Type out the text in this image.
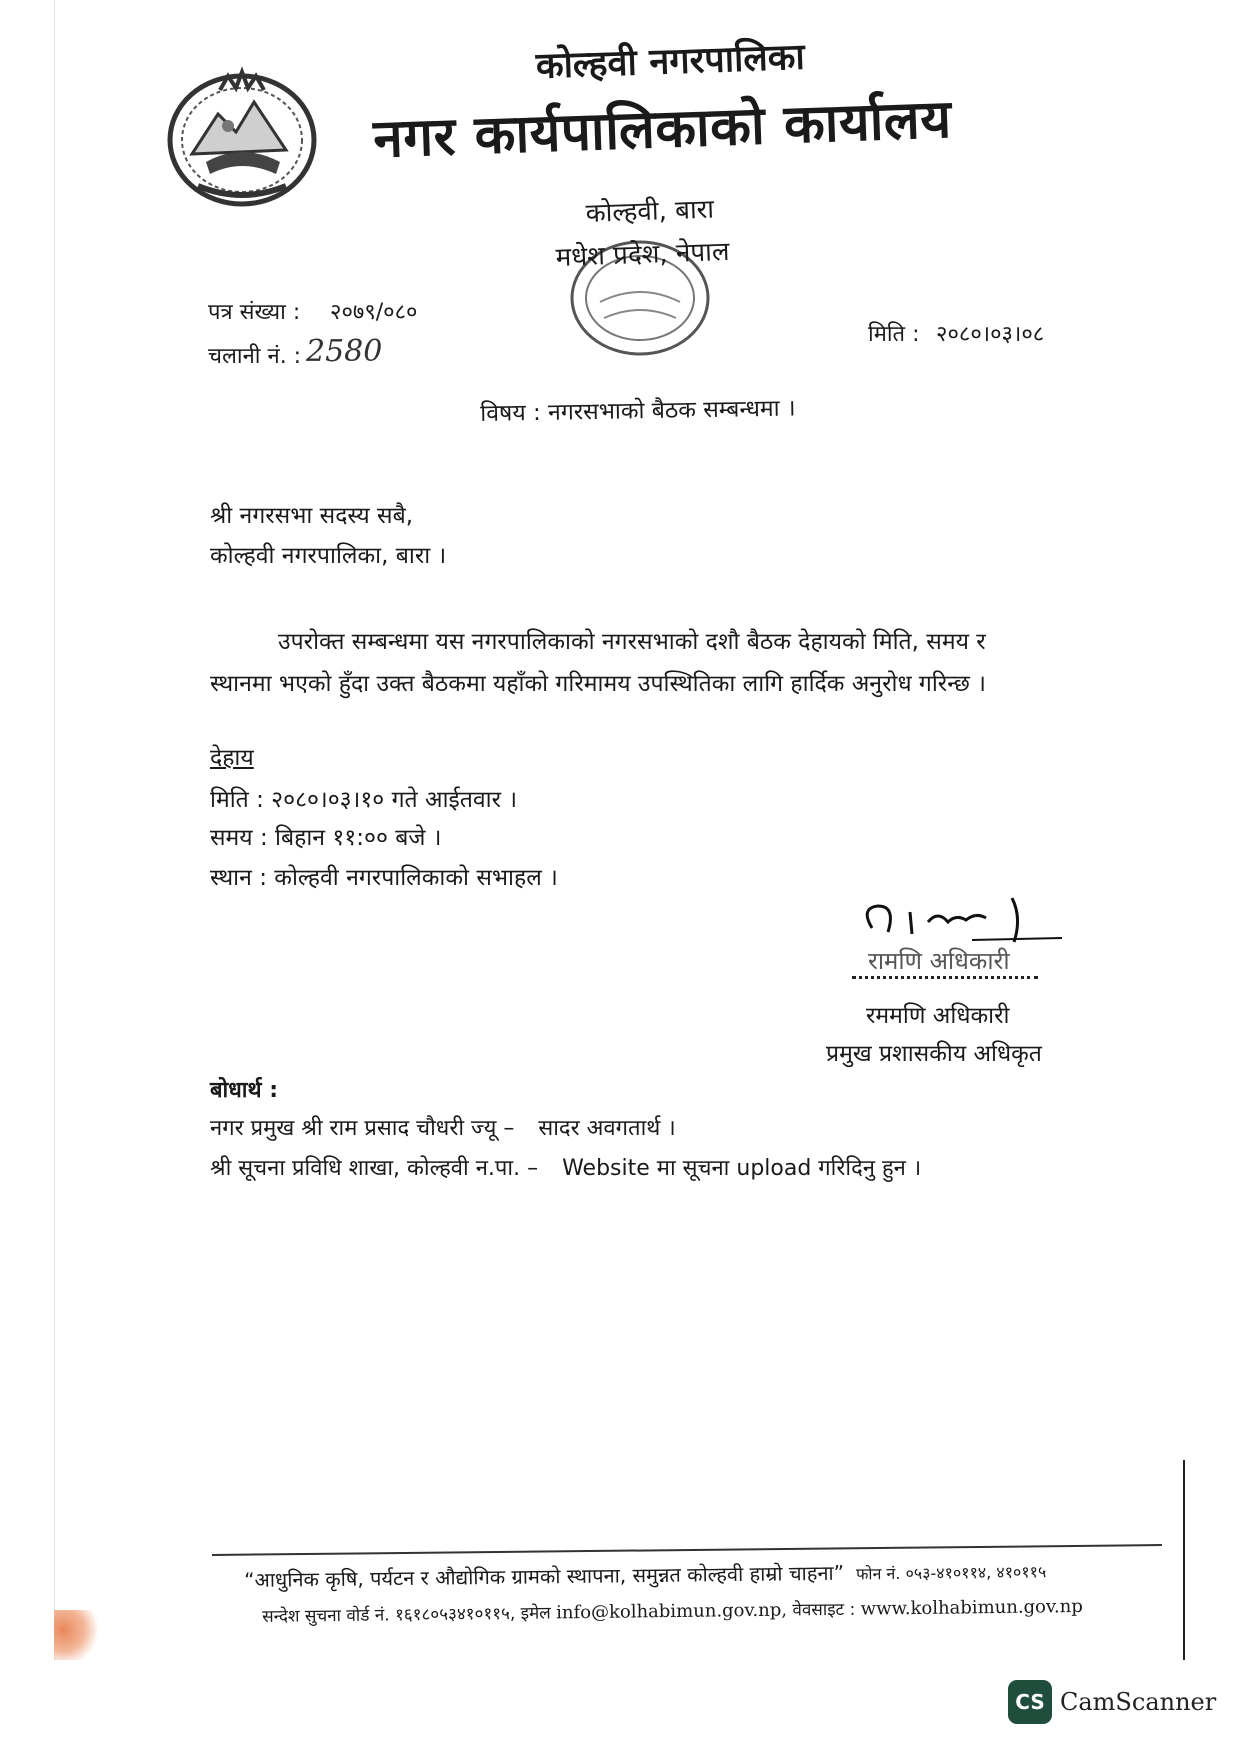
कोल्हवी नगरपालिका
नगर कार्यपालिकाको कार्यालय
कोल्हवी, बारा
मधेश प्रदेश, नेपाल
पत्र संख्या : २०७९/०८०
चलानी नं. : 2580	मिति : २०८०।०३।०८
विषय : नगरसभाको बैठक सम्बन्धमा ।
श्री नगरसभा सदस्य सबै,
कोल्हवी नगरपालिका, बारा ।
उपरोक्त सम्बन्धमा यस नगरपालिकाको नगरसभाको दशौ बैठक देहायको मिति, समय र
स्थानमा भएको हुँदा उक्त बैठकमा यहाँको गरिमामय उपस्थितिका लागि हार्दिक अनुरोध गरिन्छ ।
देहाय
मिति : २०८०।०३।१० गते आईतवार ।
समय : बिहान ११:०० बजे ।
स्थान : कोल्हवी नगरपालिकाको सभाहल ।
रामणि अधिकारी
रममणि अधिकारी
प्रमुख प्रशासकीय अधिकृत
बोधार्थ :
नगर प्रमुख श्री राम प्रसाद चौधरी ज्यू – सादर अवगतार्थ ।
श्री सूचना प्रविधि शाखा, कोल्हवी न.पा. – Website मा सूचना upload गरिदिनु हुन ।
“आधुनिक कृषि, पर्यटन र औद्योगिक ग्रामको स्थापना, समुन्नत कोल्हवी हाम्रो चाहना” फोन नं. ०५३-४१०११४, ४१०११५
सन्देश सुचना वोर्ड नं. १६१८०५३४१०११५, इमेल info@kolhabimun.gov.np, वेवसाइट : www.kolhabimun.gov.np
CS CamScanner
